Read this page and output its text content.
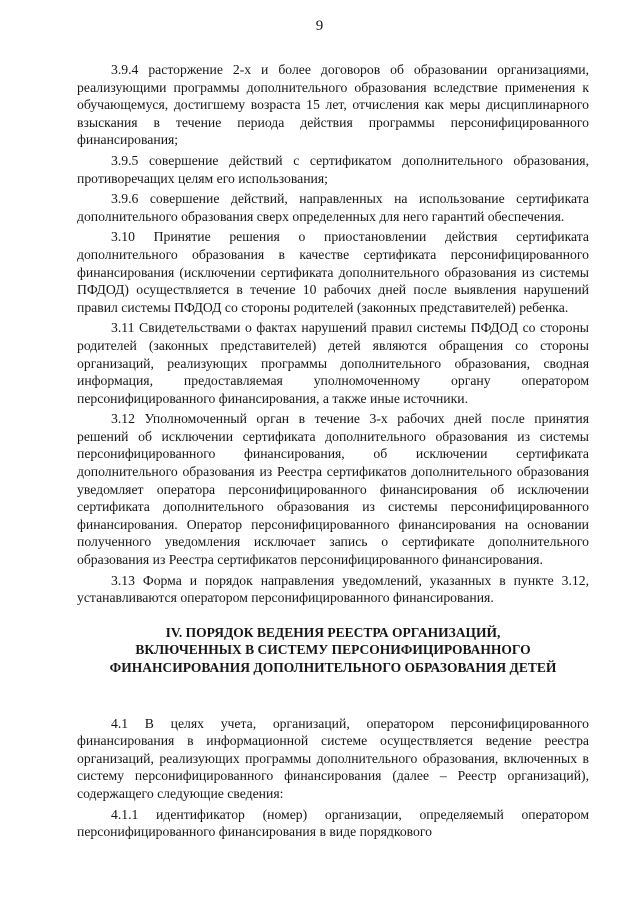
9

3.9.4 расторжение 2-х и более договоров об образовании организациями, реализующими программы дополнительного образования вследствие применения к обучающемуся, достигшему возраста 15 лет, отчисления как меры дисциплинарного взыскания в течение периода действия программы персонифицированного финансирования;

3.9.5 совершение действий с сертификатом дополнительного образования, противоречащих целям его использования;

3.9.6 совершение действий, направленных на использование сертификата дополнительного образования сверх определенных для него гарантий обеспечения.

3.10 Принятие решения о приостановлении действия сертификата дополнительного образования в качестве сертификата персонифицированного финансирования (исключении сертификата дополнительного образования из системы ПФДОД) осуществляется в течение 10 рабочих дней после выявления нарушений правил системы ПФДОД со стороны родителей (законных представителей) ребенка.

3.11 Свидетельствами о фактах нарушений правил системы ПФДОД со стороны родителей (законных представителей) детей являются обращения со стороны организаций, реализующих программы дополнительного образования, сводная информация, предоставляемая уполномоченному органу оператором персонифицированного финансирования, а также иные источники.

3.12 Уполномоченный орган в течение 3-х рабочих дней после принятия решений об исключении сертификата дополнительного образования из системы персонифицированного финансирования, об исключении сертификата дополнительного образования из Реестра сертификатов дополнительного образования уведомляет оператора персонифицированного финансирования об исключении сертификата дополнительного образования из системы персонифицированного финансирования. Оператор персонифицированного финансирования на основании полученного уведомления исключает запись о сертификате дополнительного образования из Реестра сертификатов персонифицированного финансирования.

3.13 Форма и порядок направления уведомлений, указанных в пункте 3.12, устанавливаются оператором персонифицированного финансирования.

IV. ПОРЯДОК ВЕДЕНИЯ РЕЕСТРА ОРГАНИЗАЦИЙ,
ВКЛЮЧЕННЫХ В СИСТЕМУ ПЕРСОНИФИЦИРОВАННОГО
ФИНАНСИРОВАНИЯ ДОПОЛНИТЕЛЬНОГО ОБРАЗОВАНИЯ ДЕТЕЙ

4.1 В целях учета, организаций, оператором персонифицированного финансирования в информационной системе осуществляется ведение реестра организаций, реализующих программы дополнительного образования, включенных в систему персонифицированного финансирования (далее – Реестр организаций), содержащего следующие сведения:

4.1.1 идентификатор (номер) организации, определяемый оператором персонифицированного финансирования в виде порядкового
